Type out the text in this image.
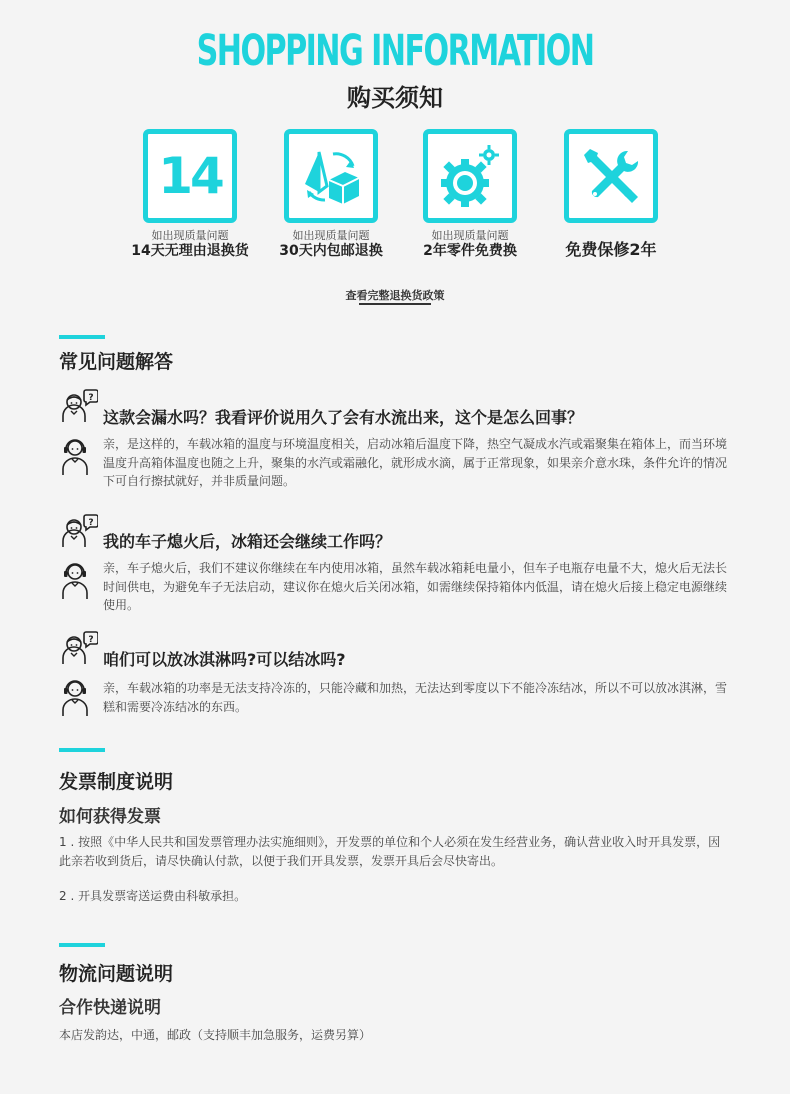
SHOPPING INFORMATION
购买须知
14
如出现质量问题
14天无理由退换货
如出现质量问题
30天内包邮退换
如出现质量问题
2年零件免费换	免费保修2年
查看完整退换货政策
常见问题解答
?
这款会漏水吗？我看评价说用久了会有水流出来，这个是怎么回事？
亲，是这样的，车载冰箱的温度与环境温度相关，启动冰箱后温度下降，热空气凝成水汽或霜聚集在箱体上，而当环境温度升高箱体温度也随之上升，聚集的水汽或霜融化，就形成水滴，属于正常现象，如果亲介意水珠，条件允许的情况下可自行擦拭就好，并非质量问题。
?
我的车子熄火后，冰箱还会继续工作吗？
亲，车子熄火后，我们不建议你继续在车内使用冰箱，虽然车载冰箱耗电量小，但车子电瓶存电量不大，熄火后无法长时间供电，为避免车子无法启动，建议你在熄火后关闭冰箱，如需继续保持箱体内低温，请在熄火后接上稳定电源继续使用。
?
咱们可以放冰淇淋吗?可以结冰吗?
亲，车载冰箱的功率是无法支持冷冻的，只能冷藏和加热，无法达到零度以下不能冷冻结冰，所以不可以放冰淇淋，雪糕和需要冷冻结冰的东西。
发票制度说明
如何获得发票
1 . 按照《中华人民共和国发票管理办法实施细则》，开发票的单位和个人必须在发生经营业务，确认营业收入时开具发票，因此亲若收到货后，请尽快确认付款，以便于我们开具发票，发票开具后会尽快寄出。
2 . 开具发票寄送运费由科敏承担。
物流问题说明
合作快递说明
本店发韵达，中通，邮政（支持顺丰加急服务，运费另算）
